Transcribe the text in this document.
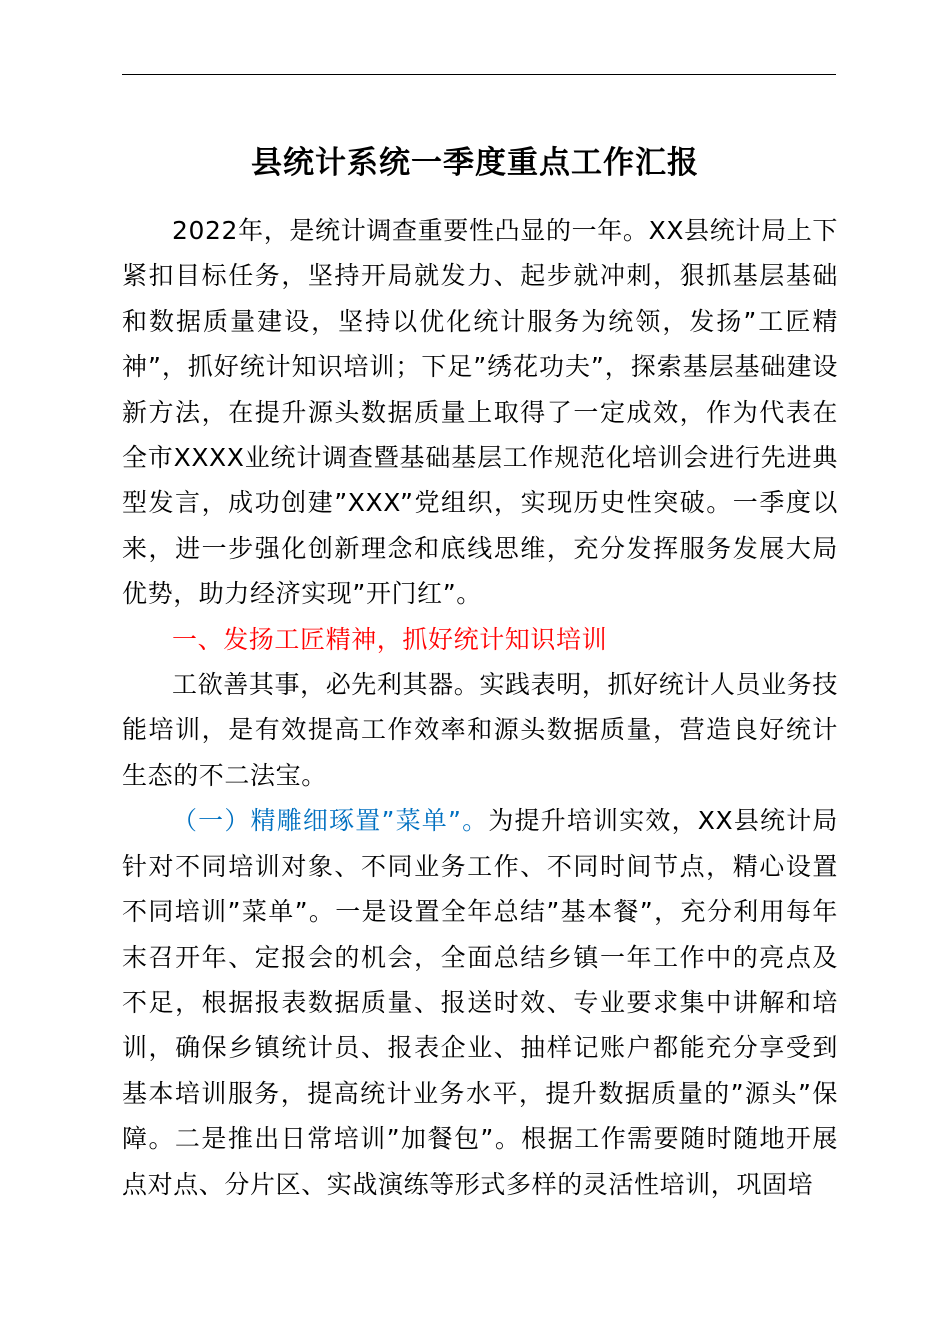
县统计系统一季度重点工作汇报

2022年，是统计调查重要性凸显的一年。XX县统计局上下紧扣目标任务，坚持开局就发力、起步就冲刺，狠抓基层基础和数据质量建设，坚持以优化统计服务为统领，发扬”工匠精神”，抓好统计知识培训；下足”绣花功夫”，探索基层基础建设新方法，在提升源头数据质量上取得了一定成效，作为代表在全市XXXX业统计调查暨基础基层工作规范化培训会进行先进典型发言，成功创建”XXX”党组织，实现历史性突破。一季度以来，进一步强化创新理念和底线思维，充分发挥服务发展大局优势，助力经济实现”开门红”。

一、发扬工匠精神，抓好统计知识培训

工欲善其事，必先利其器。实践表明，抓好统计人员业务技能培训，是有效提高工作效率和源头数据质量，营造良好统计生态的不二法宝。

（一）精雕细琢置”菜单”。为提升培训实效，XX县统计局针对不同培训对象、不同业务工作、不同时间节点，精心设置不同培训”菜单”。一是设置全年总结”基本餐”，充分利用每年末召开年、定报会的机会，全面总结乡镇一年工作中的亮点及不足，根据报表数据质量、报送时效、专业要求集中讲解和培训，确保乡镇统计员、报表企业、抽样记账户都能充分享受到基本培训服务，提高统计业务水平，提升数据质量的”源头”保障。二是推出日常培训”加餐包”。根据工作需要随时随地开展点对点、分片区、实战演练等形式多样的灵活性培训，巩固培
